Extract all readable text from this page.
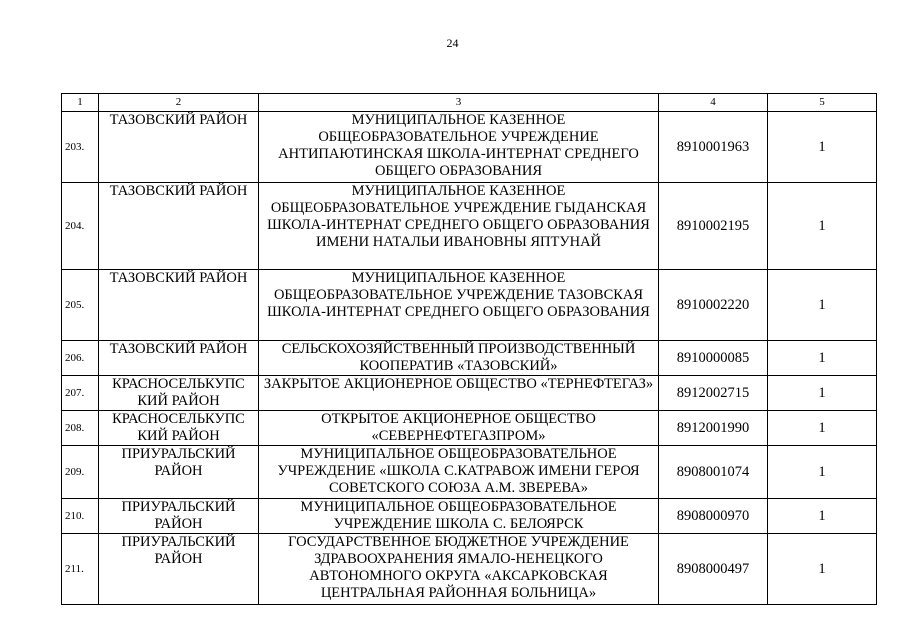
24
1	2	3	4	5
203.	ТАЗОВСКИЙ РАЙОН	МУНИЦИПАЛЬНОЕ КАЗЕННОЕ ОБЩЕОБРАЗОВАТЕЛЬНОЕ УЧРЕЖДЕНИЕ АНТИПАЮТИНСКАЯ ШКОЛА-ИНТЕРНАТ СРЕДНЕГО ОБЩЕГО ОБРАЗОВАНИЯ	8910001963	1
204.	ТАЗОВСКИЙ РАЙОН	МУНИЦИПАЛЬНОЕ КАЗЕННОЕ ОБЩЕОБРАЗОВАТЕЛЬНОЕ УЧРЕЖДЕНИЕ ГЫДАНСКАЯ ШКОЛА-ИНТЕРНАТ СРЕДНЕГО ОБЩЕГО ОБРАЗОВАНИЯ ИМЕНИ НАТАЛЬИ ИВАНОВНЫ ЯПТУНАЙ	8910002195	1
205.	ТАЗОВСКИЙ РАЙОН	МУНИЦИПАЛЬНОЕ КАЗЕННОЕ ОБЩЕОБРАЗОВАТЕЛЬНОЕ УЧРЕЖДЕНИЕ ТАЗОВСКАЯ ШКОЛА-ИНТЕРНАТ СРЕДНЕГО ОБЩЕГО ОБРАЗОВАНИЯ	8910002220	1
206.	ТАЗОВСКИЙ РАЙОН	СЕЛЬСКОХОЗЯЙСТВЕННЫЙ ПРОИЗВОДСТВЕННЫЙ КООПЕРАТИВ «ТАЗОВСКИЙ»	8910000085	1
207.	КРАСНОСЕЛЬКУПС КИЙ РАЙОН	ЗАКРЫТОЕ АКЦИОНЕРНОЕ ОБЩЕСТВО «ТЕРНЕФТЕГАЗ»	8912002715	1
208.	КРАСНОСЕЛЬКУПС КИЙ РАЙОН	ОТКРЫТОЕ АКЦИОНЕРНОЕ ОБЩЕСТВО «СЕВЕРНЕФТЕГАЗПРОМ»	8912001990	1
209.	ПРИУРАЛЬСКИЙ РАЙОН	МУНИЦИПАЛЬНОЕ ОБЩЕОБРАЗОВАТЕЛЬНОЕ УЧРЕЖДЕНИЕ «ШКОЛА С.КАТРАВОЖ ИМЕНИ ГЕРОЯ СОВЕТСКОГО СОЮЗА А.М. ЗВЕРЕВА»	8908001074	1
210.	ПРИУРАЛЬСКИЙ РАЙОН	МУНИЦИПАЛЬНОЕ ОБЩЕОБРАЗОВАТЕЛЬНОЕ УЧРЕЖДЕНИЕ ШКОЛА С. БЕЛОЯРСК	8908000970	1
211.	ПРИУРАЛЬСКИЙ РАЙОН	ГОСУДАРСТВЕННОЕ БЮДЖЕТНОЕ УЧРЕЖДЕНИЕ ЗДРАВООХРАНЕНИЯ ЯМАЛО-НЕНЕЦКОГО АВТОНОМНОГО ОКРУГА «АКСАРКОВСКАЯ ЦЕНТРАЛЬНАЯ РАЙОННАЯ БОЛЬНИЦА»	8908000497	1
